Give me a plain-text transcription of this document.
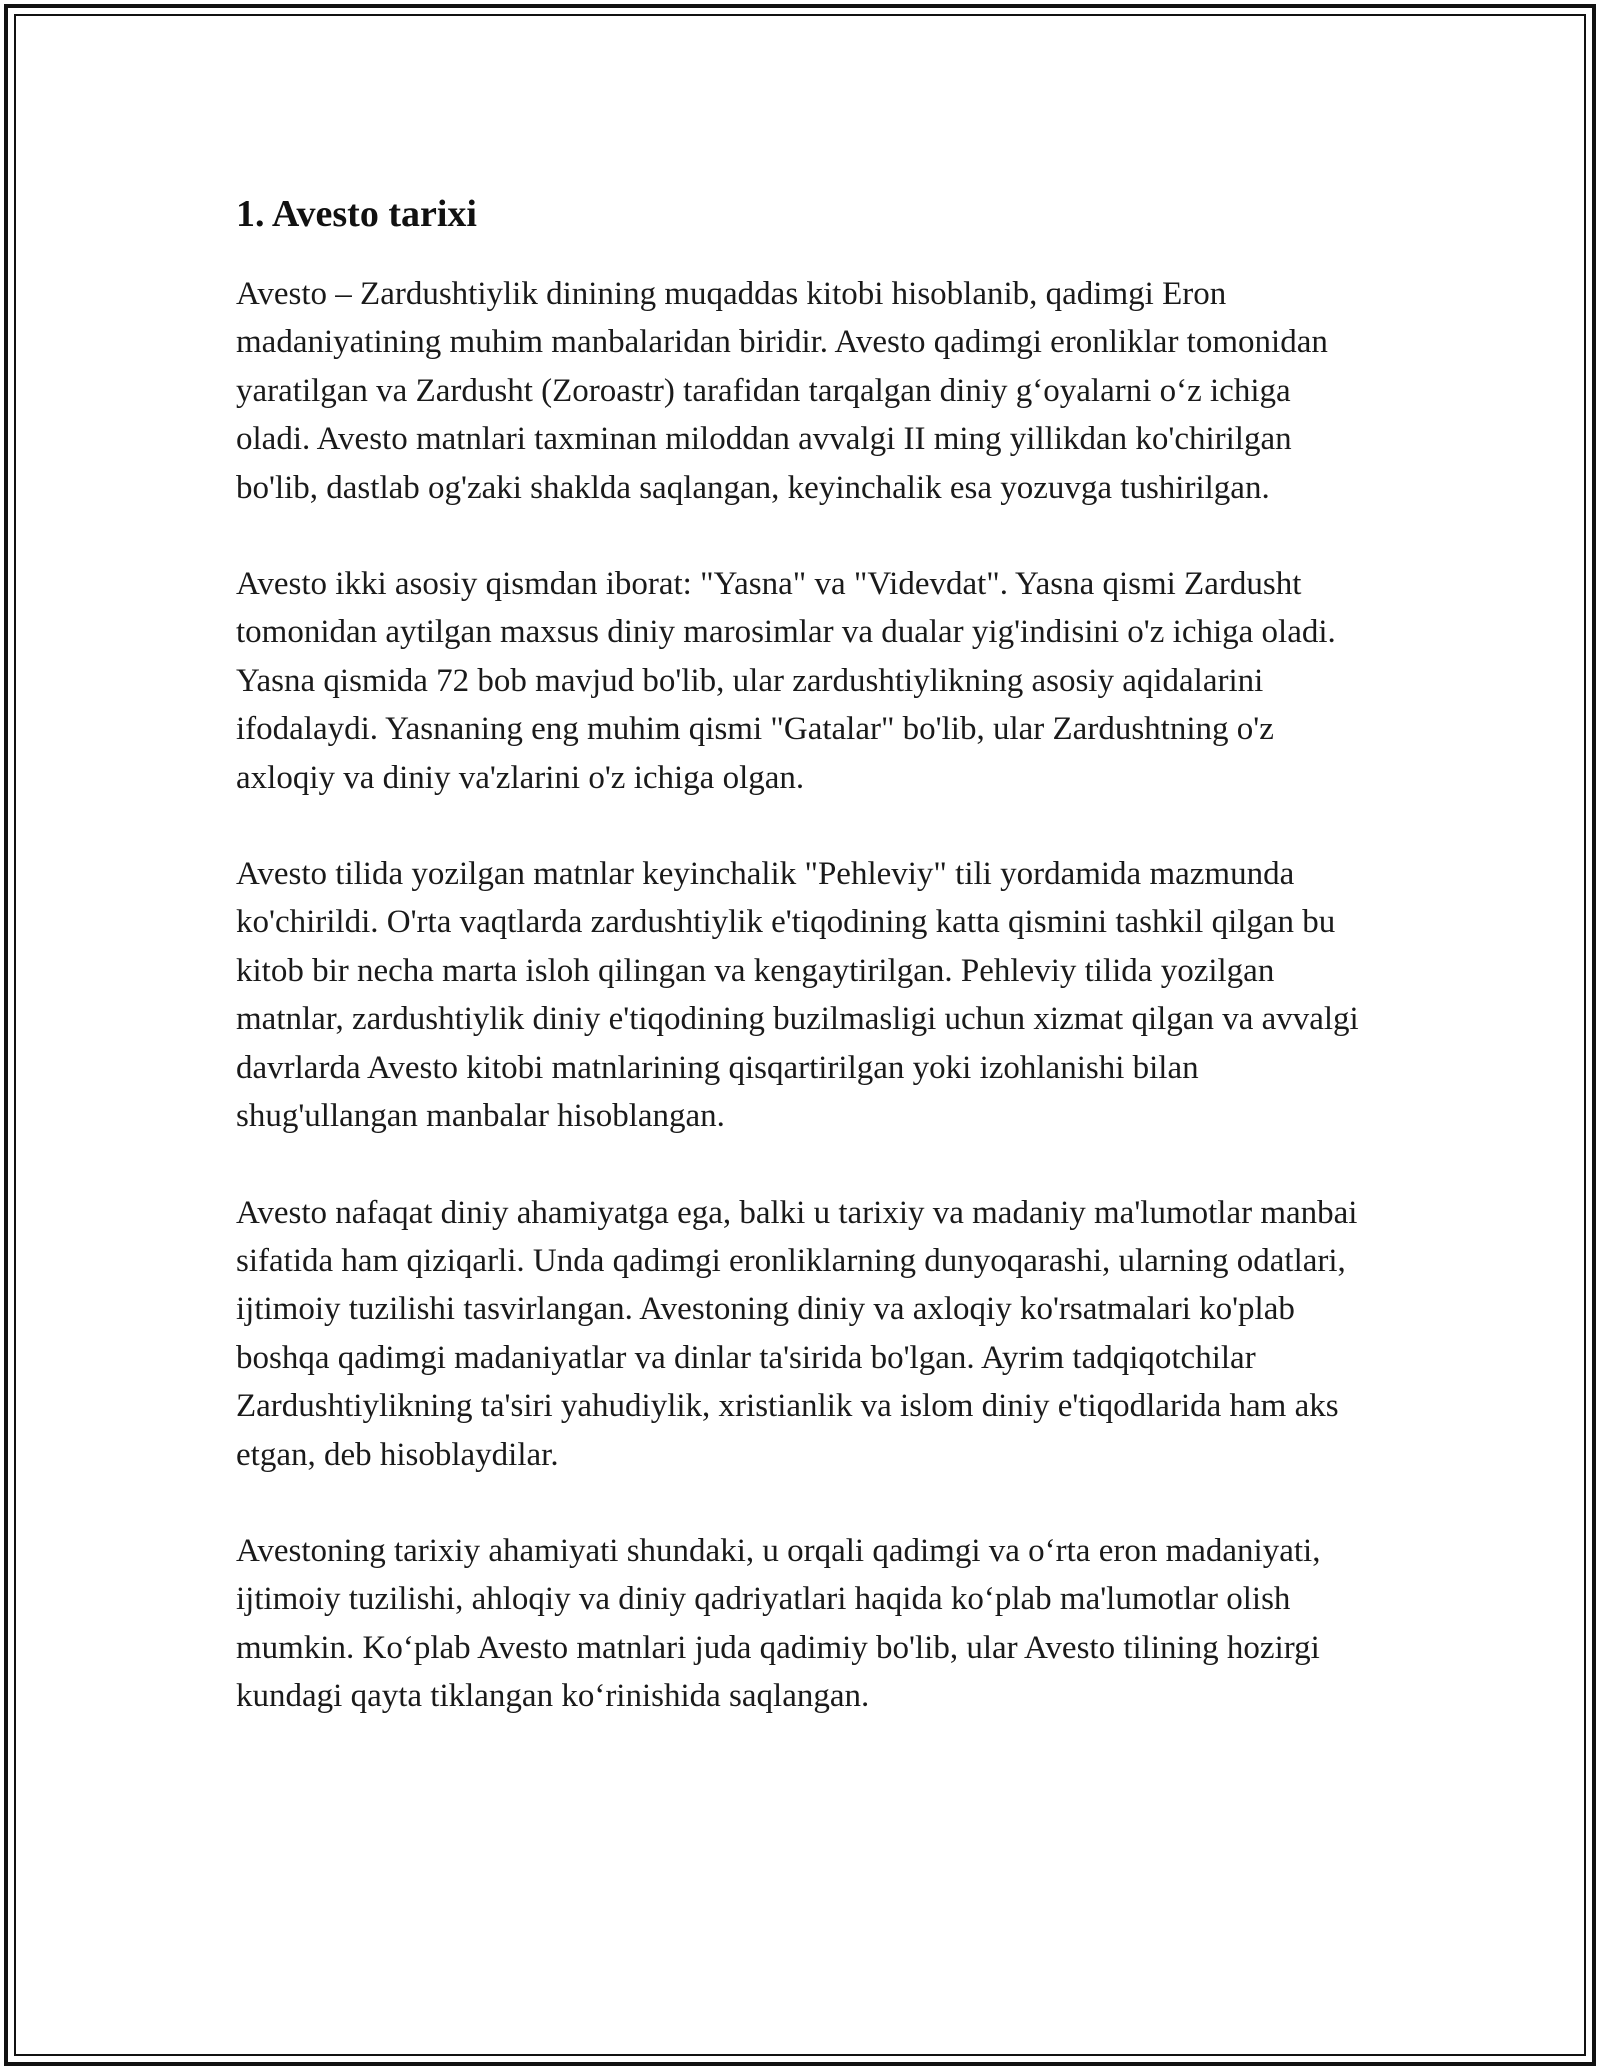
1. Avesto tarixi

Avesto – Zardushtiylik dinining muqaddas kitobi hisoblanib, qadimgi Eron madaniyatining muhim manbalaridan biridir. Avesto qadimgi eronliklar tomonidan yaratilgan va Zardusht (Zoroastr) tarafidan tarqalgan diniy g‘oyalarni o‘z ichiga oladi. Avesto matnlari taxminan miloddan avvalgi II ming yillikdan ko'chirilgan bo'lib, dastlab og'zaki shaklda saqlangan, keyinchalik esa yozuvga tushirilgan.

Avesto ikki asosiy qismdan iborat: "Yasna" va "Videvdat". Yasna qismi Zardusht tomonidan aytilgan maxsus diniy marosimlar va dualar yig'indisini o'z ichiga oladi. Yasna qismida 72 bob mavjud bo'lib, ular zardushtiylikning asosiy aqidalarini ifodalaydi. Yasnaning eng muhim qismi "Gatalar" bo'lib, ular Zardushtning o'z axloqiy va diniy va'zlarini o'z ichiga olgan.

Avesto tilida yozilgan matnlar keyinchalik "Pehleviy" tili yordamida mazmunda ko'chirildi. O'rta vaqtlarda zardushtiylik e'tiqodining katta qismini tashkil qilgan bu kitob bir necha marta isloh qilingan va kengaytirilgan. Pehleviy tilida yozilgan matnlar, zardushtiylik diniy e'tiqodining buzilmasligi uchun xizmat qilgan va avvalgi davrlarda Avesto kitobi matnlarining qisqartirilgan yoki izohlanishi bilan shug'ullangan manbalar hisoblangan.

Avesto nafaqat diniy ahamiyatga ega, balki u tarixiy va madaniy ma'lumotlar manbai sifatida ham qiziqarli. Unda qadimgi eronliklarning dunyoqarashi, ularning odatlari, ijtimoiy tuzilishi tasvirlangan. Avestoning diniy va axloqiy ko'rsatmalari ko'plab boshqa qadimgi madaniyatlar va dinlar ta'sirida bo'lgan. Ayrim tadqiqotchilar Zardushtiylikning ta'siri yahudiylik, xristianlik va islom diniy e'tiqodlarida ham aks etgan, deb hisoblaydilar.

Avestoning tarixiy ahamiyati shundaki, u orqali qadimgi va o‘rta eron madaniyati, ijtimoiy tuzilishi, ahloqiy va diniy qadriyatlari haqida ko‘plab ma'lumotlar olish mumkin. Ko‘plab Avesto matnlari juda qadimiy bo'lib, ular Avesto tilining hozirgi kundagi qayta tiklangan ko‘rinishida saqlangan.
